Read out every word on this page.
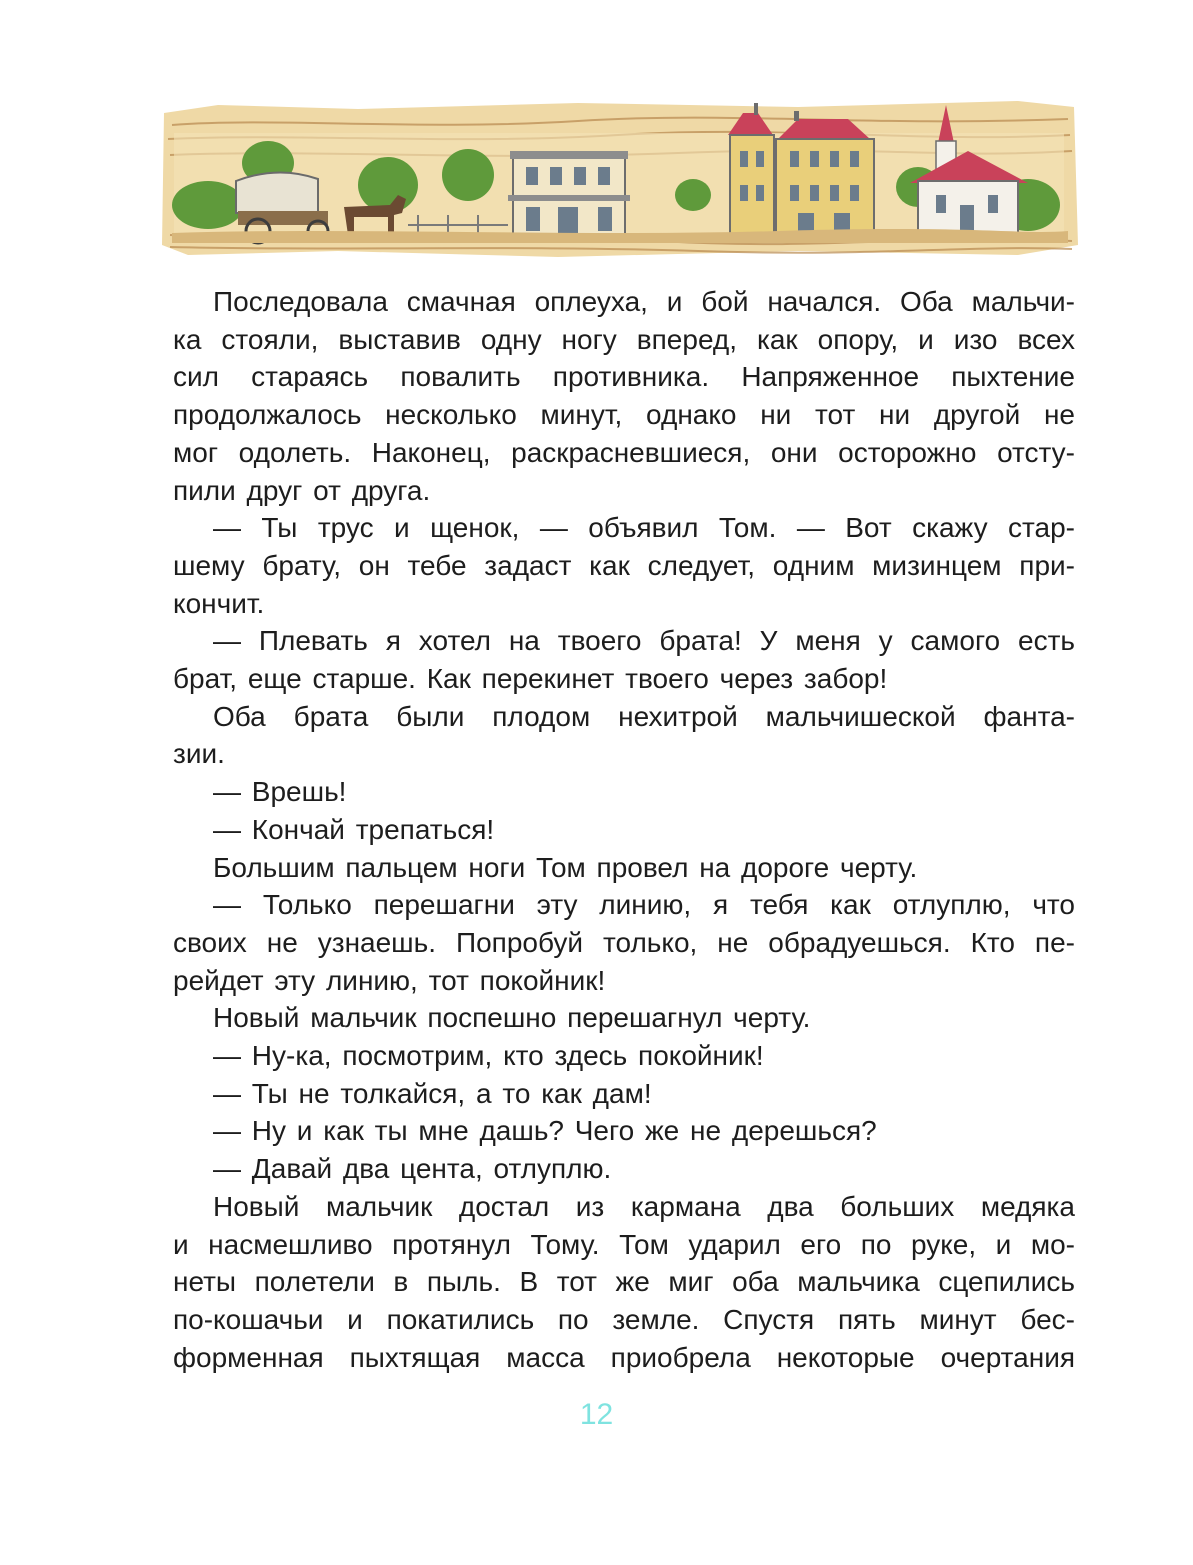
Последовала смачная оплеуха, и бой начался. Оба мальчи-
ка стояли, выставив одну ногу вперед, как опору, и изо всех
сил стараясь повалить противника. Напряженное пыхтение
продолжалось несколько минут, однако ни тот ни другой не
мог одолеть. Наконец, раскрасневшиеся, они осторожно отсту-
пили друг от друга.
— Ты трус и щенок, — объявил Том. — Вот скажу стар-
шему брату, он тебе задаст как следует, одним мизинцем при-
кончит.
— Плевать я хотел на твоего брата! У меня у самого есть
брат, еще старше. Как перекинет твоего через забор!
Оба брата были плодом нехитрой мальчишеской фанта-
зии.
— Врешь!
— Кончай трепаться!
Большим пальцем ноги Том провел на дороге черту.
— Только перешагни эту линию, я тебя как отлуплю, что
своих не узнаешь. Попробуй только, не обрадуешься. Кто пе-
рейдет эту линию, тот покойник!
Новый мальчик поспешно перешагнул черту.
— Ну-ка, посмотрим, кто здесь покойник!
— Ты не толкайся, а то как дам!
— Ну и как ты мне дашь? Чего же не дерешься?
— Давай два цента, отлуплю.
Новый мальчик достал из кармана два больших медяка
и насмешливо протянул Тому. Том ударил его по руке, и мо-
неты полетели в пыль. В тот же миг оба мальчика сцепились
по-кошачьи и покатились по земле. Спустя пять минут бес-
форменная пыхтящая масса приобрела некоторые очертания
12
